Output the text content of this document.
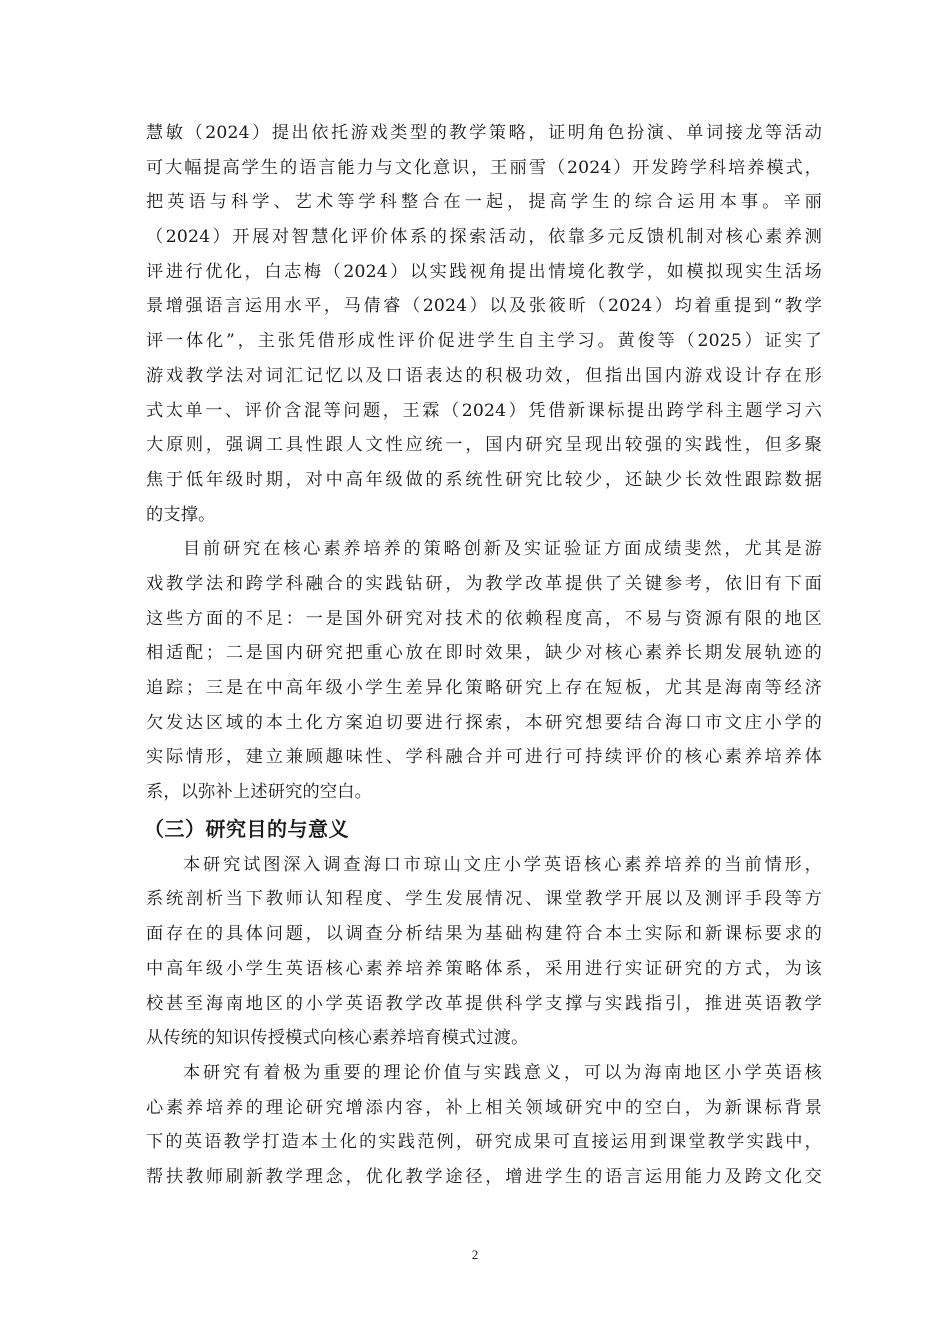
慧敏（2024）提出依托游戏类型的教学策略，证明角色扮演、单词接龙等活动
可大幅提高学生的语言能力与文化意识，王丽雪（2024）开发跨学科培养模式，
把英语与科学、艺术等学科整合在一起，提高学生的综合运用本事。辛丽
（2024）开展对智慧化评价体系的探索活动，依靠多元反馈机制对核心素养测
评进行优化，白志梅（2024）以实践视角提出情境化教学，如模拟现实生活场
景增强语言运用水平，马倩睿（2024）以及张筱昕（2024）均着重提到“教学
评一体化”，主张凭借形成性评价促进学生自主学习。黄俊等（2025）证实了
游戏教学法对词汇记忆以及口语表达的积极功效，但指出国内游戏设计存在形
式太单一、评价含混等问题，王霖（2024）凭借新课标提出跨学科主题学习六
大原则，强调工具性跟人文性应统一，国内研究呈现出较强的实践性，但多聚
焦于低年级时期，对中高年级做的系统性研究比较少，还缺少长效性跟踪数据
的支撑。
目前研究在核心素养培养的策略创新及实证验证方面成绩斐然，尤其是游
戏教学法和跨学科融合的实践钻研，为教学改革提供了关键参考，依旧有下面
这些方面的不足：一是国外研究对技术的依赖程度高，不易与资源有限的地区
相适配；二是国内研究把重心放在即时效果，缺少对核心素养长期发展轨迹的
追踪；三是在中高年级小学生差异化策略研究上存在短板，尤其是海南等经济
欠发达区域的本土化方案迫切要进行探索，本研究想要结合海口市文庄小学的
实际情形，建立兼顾趣味性、学科融合并可进行可持续评价的核心素养培养体
系，以弥补上述研究的空白。
（三）研究目的与意义
本研究试图深入调查海口市琼山文庄小学英语核心素养培养的当前情形，
系统剖析当下教师认知程度、学生发展情况、课堂教学开展以及测评手段等方
面存在的具体问题，以调查分析结果为基础构建符合本土实际和新课标要求的
中高年级小学生英语核心素养培养策略体系，采用进行实证研究的方式，为该
校甚至海南地区的小学英语教学改革提供科学支撑与实践指引，推进英语教学
从传统的知识传授模式向核心素养培育模式过渡。
本研究有着极为重要的理论价值与实践意义，可以为海南地区小学英语核
心素养培养的理论研究增添内容，补上相关领域研究中的空白，为新课标背景
下的英语教学打造本土化的实践范例，研究成果可直接运用到课堂教学实践中，
帮扶教师刷新教学理念，优化教学途径，增进学生的语言运用能力及跨文化交
2
